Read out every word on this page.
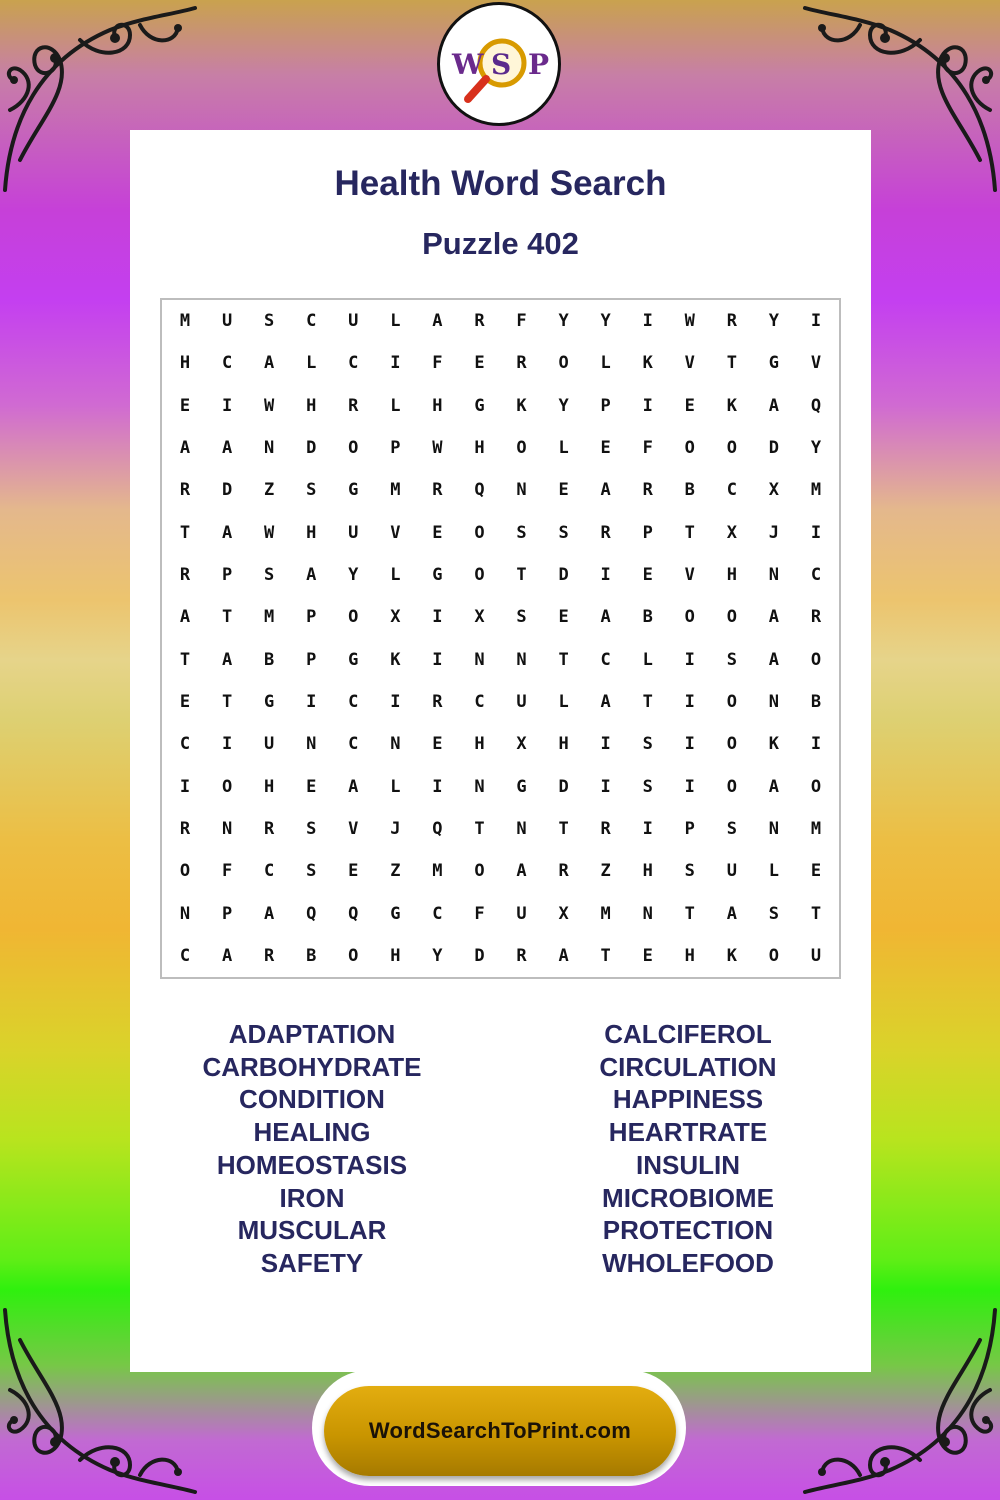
W S P
Health Word Search
Puzzle 402
M	U	S	C	U	L	A	R	F	Y	Y	I	W	R	Y	I
H	C	A	L	C	I	F	E	R	O	L	K	V	T	G	V
E	I	W	H	R	L	H	G	K	Y	P	I	E	K	A	Q
A	A	N	D	O	P	W	H	O	L	E	F	O	O	D	Y
R	D	Z	S	G	M	R	Q	N	E	A	R	B	C	X	M
T	A	W	H	U	V	E	O	S	S	R	P	T	X	J	I
R	P	S	A	Y	L	G	O	T	D	I	E	V	H	N	C
A	T	M	P	O	X	I	X	S	E	A	B	O	O	A	R
T	A	B	P	G	K	I	N	N	T	C	L	I	S	A	O
E	T	G	I	C	I	R	C	U	L	A	T	I	O	N	B
C	I	U	N	C	N	E	H	X	H	I	S	I	O	K	I
I	O	H	E	A	L	I	N	G	D	I	S	I	O	A	O
R	N	R	S	V	J	Q	T	N	T	R	I	P	S	N	M
O	F	C	S	E	Z	M	O	A	R	Z	H	S	U	L	E
N	P	A	Q	Q	G	C	F	U	X	M	N	T	A	S	T
C	A	R	B	O	H	Y	D	R	A	T	E	H	K	O	U
ADAPTATION
CARBOHYDRATE
CONDITION
HEALING
HOMEOSTASIS
IRON
MUSCULAR
SAFETY
CALCIFEROL
CIRCULATION
HAPPINESS
HEARTRATE
INSULIN
MICROBIOME
PROTECTION
WHOLEFOOD
WordSearchToPrint.com
